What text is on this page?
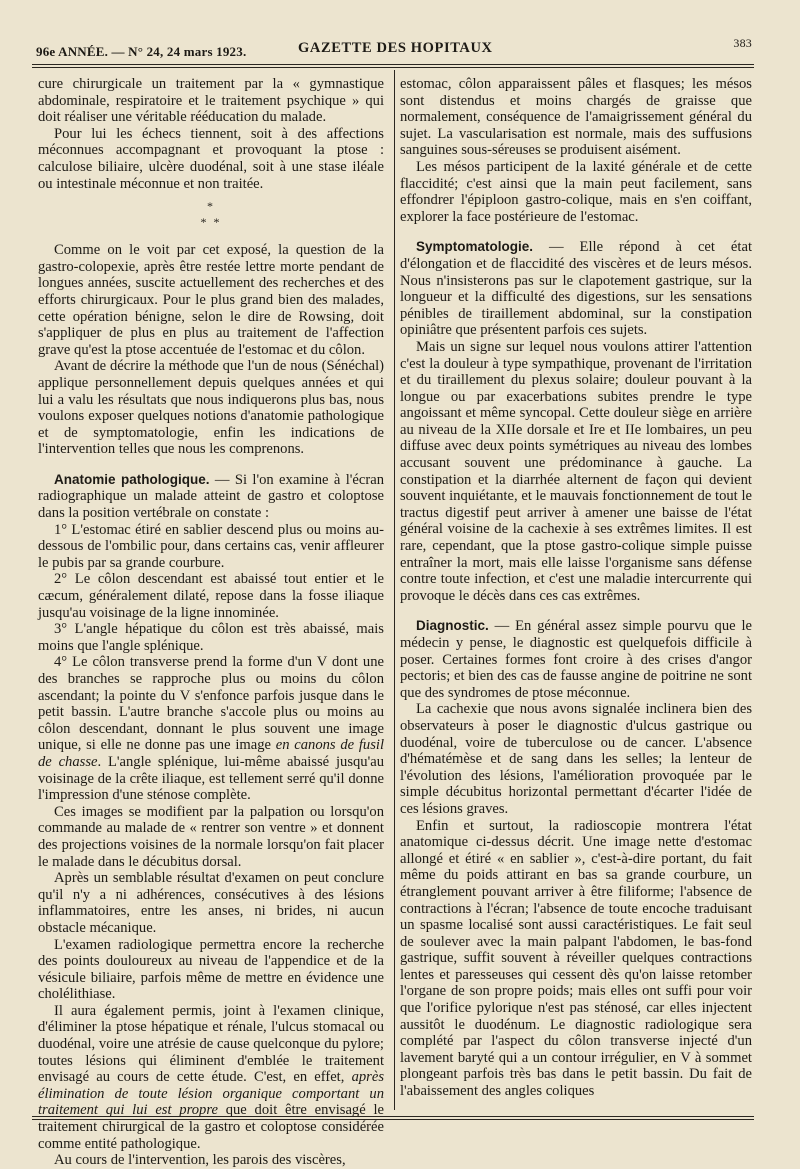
96e ANNÉE. — N° 24, 24 mars 1923.	GAZETTE DES HOPITAUX	383

cure chirurgicale un traitement par la « gymnastique abdominale, respiratoire et le traitement psychique » qui doit réaliser une véritable rééducation du malade.

Pour lui les échecs tiennent, soit à des affections méconnues accompagnant et provoquant la ptose : calculose biliaire, ulcère duodénal, soit à une stase iléale ou intestinale méconnue et non traitée.

*
* *

Comme on le voit par cet exposé, la question de la gastro-colopexie, après être restée lettre morte pendant de longues années, suscite actuellement des recherches et des efforts chirurgicaux. Pour le plus grand bien des malades, cette opération bénigne, selon le dire de Rowsing, doit s'appliquer de plus en plus au traitement de l'affection grave qu'est la ptose accentuée de l'estomac et du côlon.

Avant de décrire la méthode que l'un de nous (Sénéchal) applique personnellement depuis quelques années et qui lui a valu les résultats que nous indiquerons plus bas, nous voulons exposer quelques notions d'anatomie pathologique et de symptomatologie, enfin les indications de l'intervention telles que nous les comprenons.

Anatomie pathologique. — Si l'on examine à l'écran radiographique un malade atteint de gastro et coloptose dans la position vertébrale on constate :

1° L'estomac étiré en sablier descend plus ou moins au-dessous de l'ombilic pour, dans certains cas, venir affleurer le pubis par sa grande courbure.

2° Le côlon descendant est abaissé tout entier et le cæcum, généralement dilaté, repose dans la fosse iliaque jusqu'au voisinage de la ligne innominée.

3° L'angle hépatique du côlon est très abaissé, mais moins que l'angle splénique.

4° Le côlon transverse prend la forme d'un V dont une des branches se rapproche plus ou moins du côlon ascendant; la pointe du V s'enfonce parfois jusque dans le petit bassin. L'autre branche s'accole plus ou moins au côlon descendant, donnant le plus souvent une image unique, si elle ne donne pas une image en canons de fusil de chasse. L'angle splénique, lui-même abaissé jusqu'au voisinage de la crête iliaque, est tellement serré qu'il donne l'impression d'une sténose complète.

Ces images se modifient par la palpation ou lorsqu'on commande au malade de « rentrer son ventre » et donnent des projections voisines de la normale lorsqu'on fait placer le malade dans le décubitus dorsal.

Après un semblable résultat d'examen on peut conclure qu'il n'y a ni adhérences, consécutives à des lésions inflammatoires, entre les anses, ni brides, ni aucun obstacle mécanique.

L'examen radiologique permettra encore la recherche des points douloureux au niveau de l'appendice et de la vésicule biliaire, parfois même de mettre en évidence une cholélithiase.

Il aura également permis, joint à l'examen clinique, d'éliminer la ptose hépatique et rénale, l'ulcus stomacal ou duodénal, voire une atrésie de cause quelconque du pylore; toutes lésions qui éliminent d'emblée le traitement envisagé au cours de cette étude. C'est, en effet, après élimination de toute lésion organique comportant un traitement qui lui est propre que doit être envisagé le traitement chirurgical de la gastro et coloptose considérée comme entité pathologique.

Au cours de l'intervention, les parois des viscères,

estomac, côlon apparaissent pâles et flasques; les mésos sont distendus et moins chargés de graisse que normalement, conséquence de l'amaigrissement général du sujet. La vascularisation est normale, mais des suffusions sanguines sous-séreuses se produisent aisément.

Les mésos participent de la laxité générale et de cette flaccidité; c'est ainsi que la main peut facilement, sans effondrer l'épiploon gastro-colique, mais en s'en coiffant, explorer la face postérieure de l'estomac.

Symptomatologie. — Elle répond à cet état d'élongation et de flaccidité des viscères et de leurs mésos. Nous n'insisterons pas sur le clapotement gastrique, sur la longueur et la difficulté des digestions, sur les sensations pénibles de tiraillement abdominal, sur la constipation opiniâtre que présentent parfois ces sujets.

Mais un signe sur lequel nous voulons attirer l'attention c'est la douleur à type sympathique, provenant de l'irritation et du tiraillement du plexus solaire; douleur pouvant à la longue ou par exacerbations subites prendre le type angoissant et même syncopal. Cette douleur siège en arrière au niveau de la XIIe dorsale et Ire et IIe lombaires, un peu diffuse avec deux points symétriques au niveau des lombes accusant souvent une prédominance à gauche. La constipation et la diarrhée alternent de façon qui devient souvent inquiétante, et le mauvais fonctionnement de tout le tractus digestif peut arriver à amener une baisse de l'état général voisine de la cachexie à ses extrêmes limites. Il est rare, cependant, que la ptose gastro-colique simple puisse entraîner la mort, mais elle laisse l'organisme sans défense contre toute infection, et c'est une maladie intercurrente qui provoque le décès dans ces cas extrêmes.

Diagnostic. — En général assez simple pourvu que le médecin y pense, le diagnostic est quelquefois difficile à poser. Certaines formes font croire à des crises d'angor pectoris; et bien des cas de fausse angine de poitrine ne sont que des syndromes de ptose méconnue.

La cachexie que nous avons signalée inclinera bien des observateurs à poser le diagnostic d'ulcus gastrique ou duodénal, voire de tuberculose ou de cancer. L'absence d'hématémèse et de sang dans les selles; la lenteur de l'évolution des lésions, l'amélioration provoquée par le simple décubitus horizontal permettant d'écarter l'idée de ces lésions graves.

Enfin et surtout, la radioscopie montrera l'état anatomique ci-dessus décrit. Une image nette d'estomac allongé et étiré « en sablier », c'est-à-dire portant, du fait même du poids attirant en bas sa grande courbure, un étranglement pouvant arriver à être filiforme; l'absence de contractions à l'écran; l'absence de toute encoche traduisant un spasme localisé sont aussi caractéristiques. Le fait seul de soulever avec la main palpant l'abdomen, le bas-fond gastrique, suffit souvent à réveiller quelques contractions lentes et paresseuses qui cessent dès qu'on laisse retomber l'organe de son propre poids; mais elles ont suffi pour voir que l'orifice pylorique n'est pas sténosé, car elles injectent aussitôt le duodénum. Le diagnostic radiologique sera complété par l'aspect du côlon transverse injecté d'un lavement baryté qui a un contour irrégulier, en V à sommet plongeant parfois très bas dans le petit bassin. Du fait de l'abaissement des angles coliques
